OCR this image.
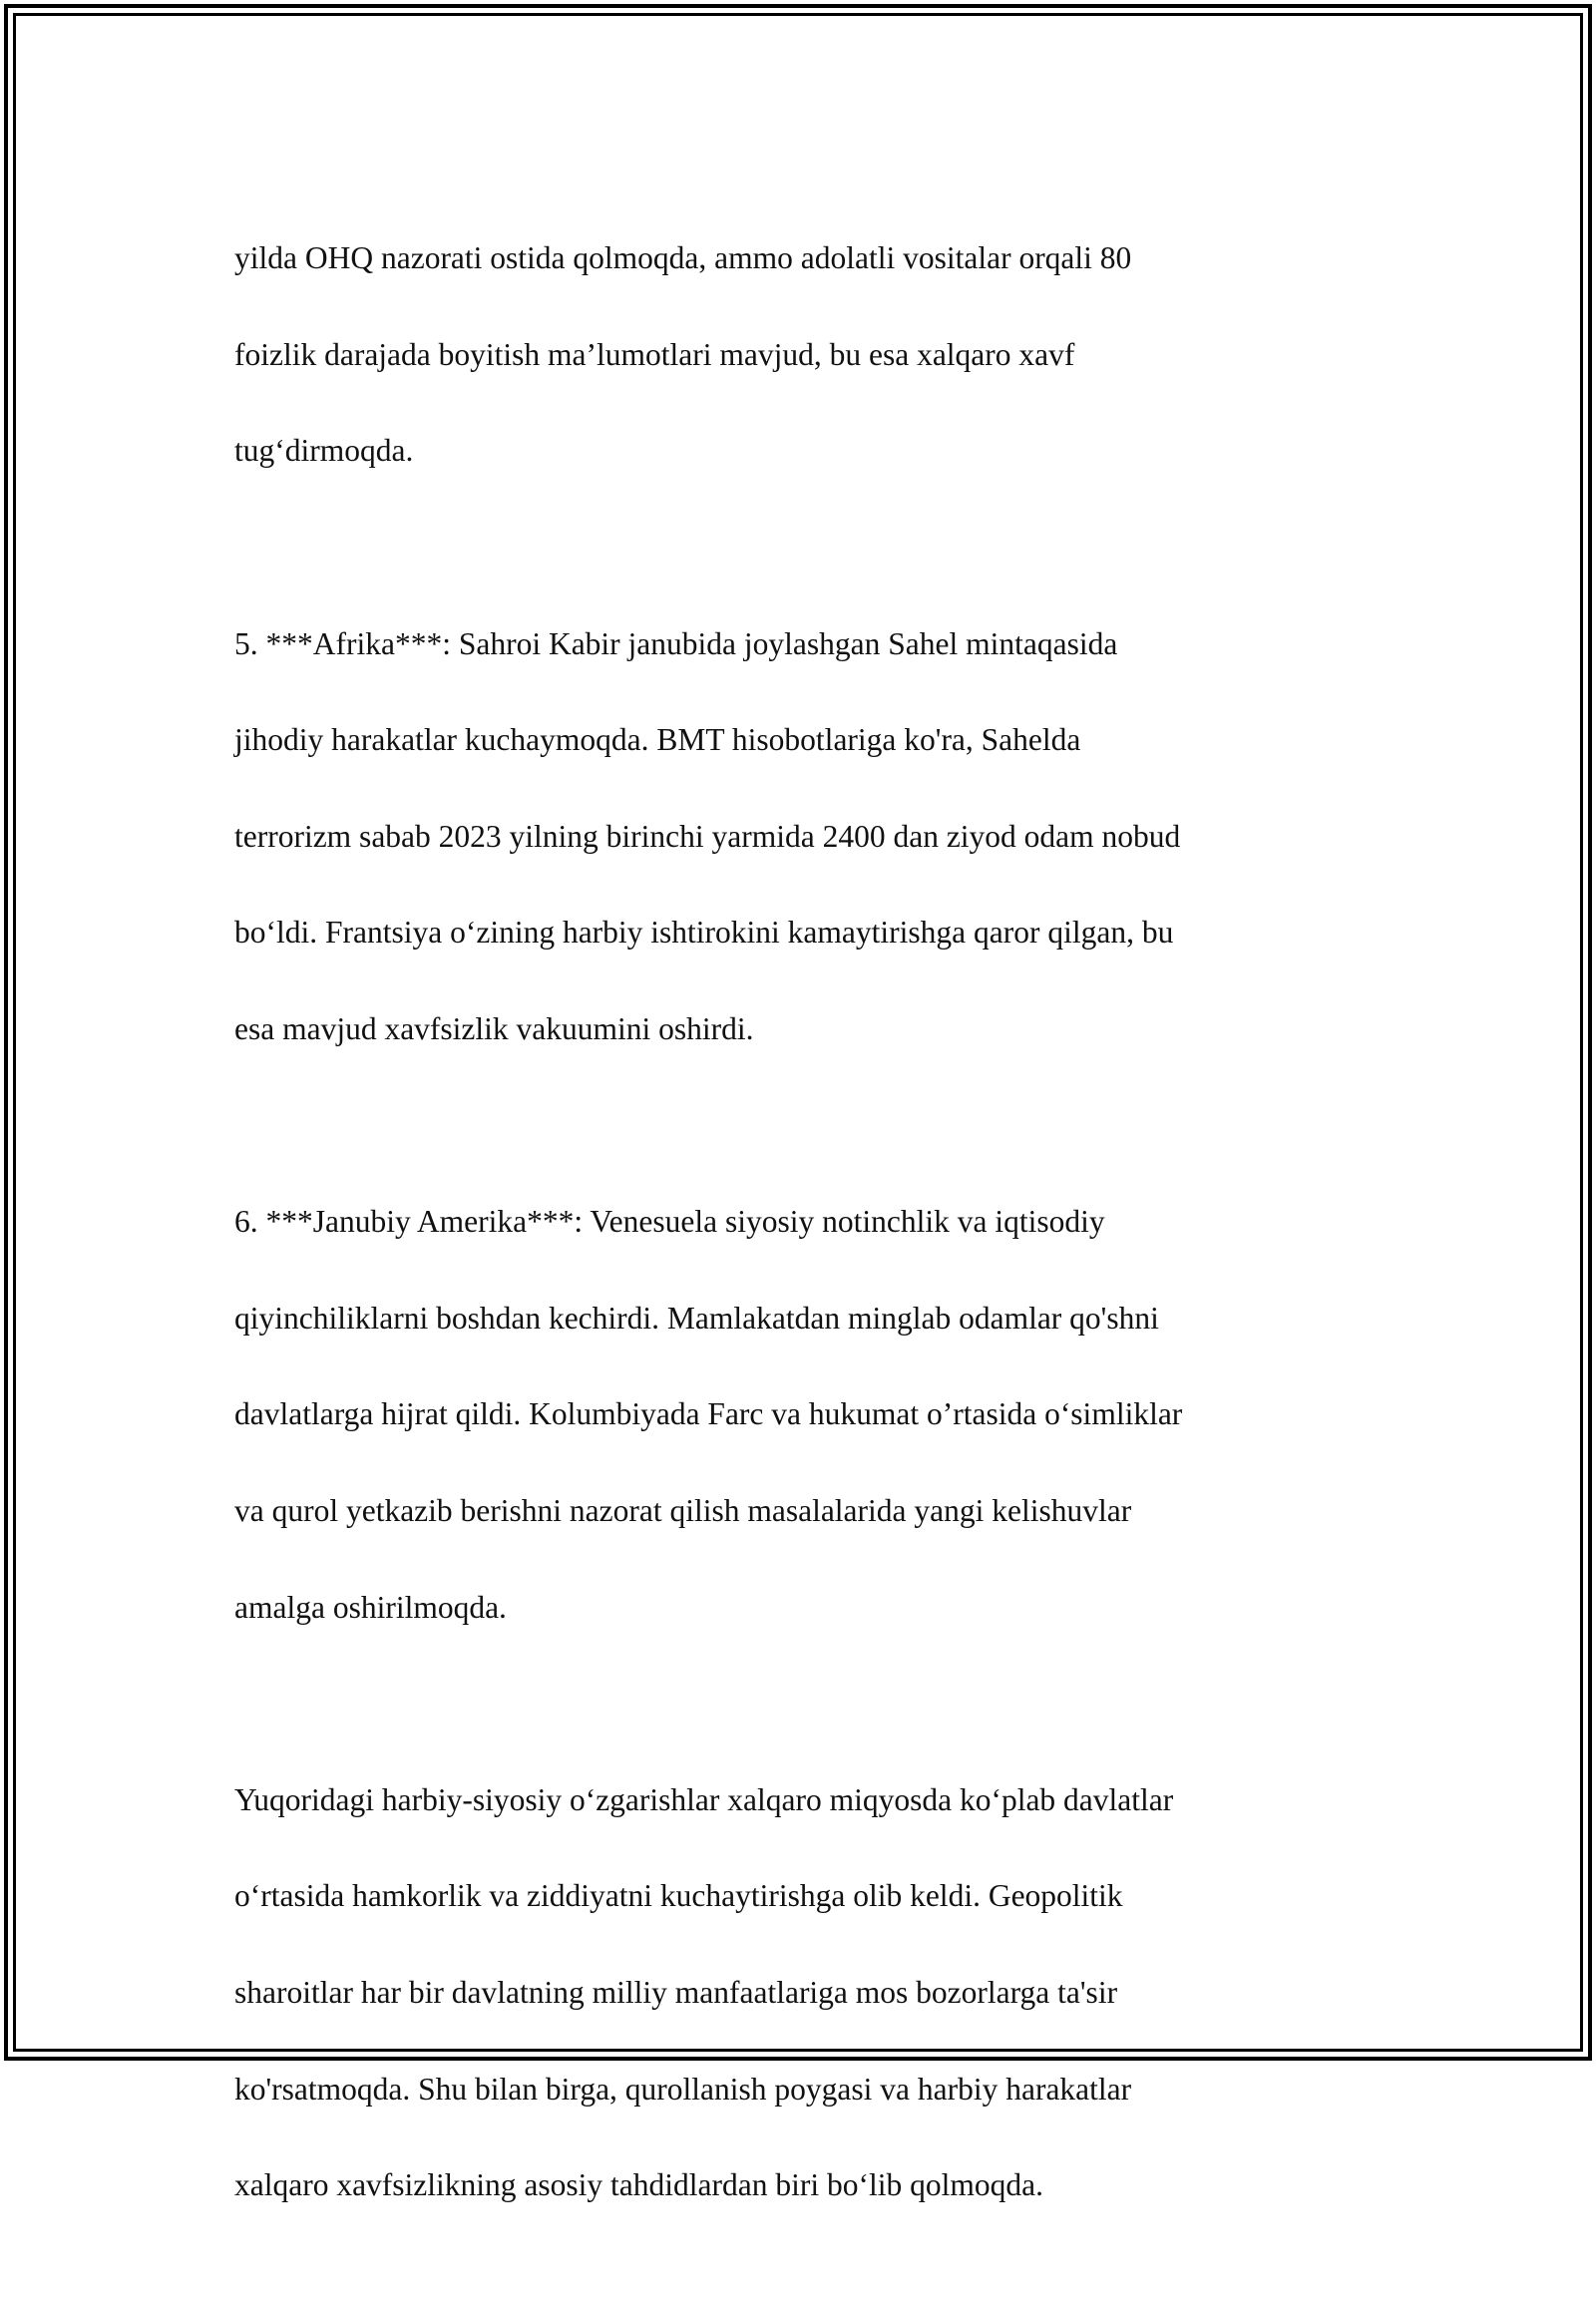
yilda OHQ nazorati ostida qolmoqda, ammo adolatli vositalar orqali 80

foizlik darajada boyitish ma’lumotlari mavjud, bu esa xalqaro xavf

tug‘dirmoqda.

5. ***Afrika***: Sahroi Kabir janubida joylashgan Sahel mintaqasida

jihodiy harakatlar kuchaymoqda. BMT hisobotlariga ko'ra, Sahelda

terrorizm sabab 2023 yilning birinchi yarmida 2400 dan ziyod odam nobud

bo‘ldi. Frantsiya o‘zining harbiy ishtirokini kamaytirishga qaror qilgan, bu

esa mavjud xavfsizlik vakuumini oshirdi.

6. ***Janubiy Amerika***: Venesuela siyosiy notinchlik va iqtisodiy

qiyinchiliklarni boshdan kechirdi. Mamlakatdan minglab odamlar qo'shni

davlatlarga hijrat qildi. Kolumbiyada Farc va hukumat o’rtasida o‘simliklar

va qurol yetkazib berishni nazorat qilish masalalarida yangi kelishuvlar

amalga oshirilmoqda.

Yuqoridagi harbiy-siyosiy o‘zgarishlar xalqaro miqyosda ko‘plab davlatlar

o‘rtasida hamkorlik va ziddiyatni kuchaytirishga olib keldi. Geopolitik

sharoitlar har bir davlatning milliy manfaatlariga mos bozorlarga ta'sir

ko'rsatmoqda. Shu bilan birga, qurollanish poygasi va harbiy harakatlar

xalqaro xavfsizlikning asosiy tahdidlardan biri bo‘lib qolmoqda.
